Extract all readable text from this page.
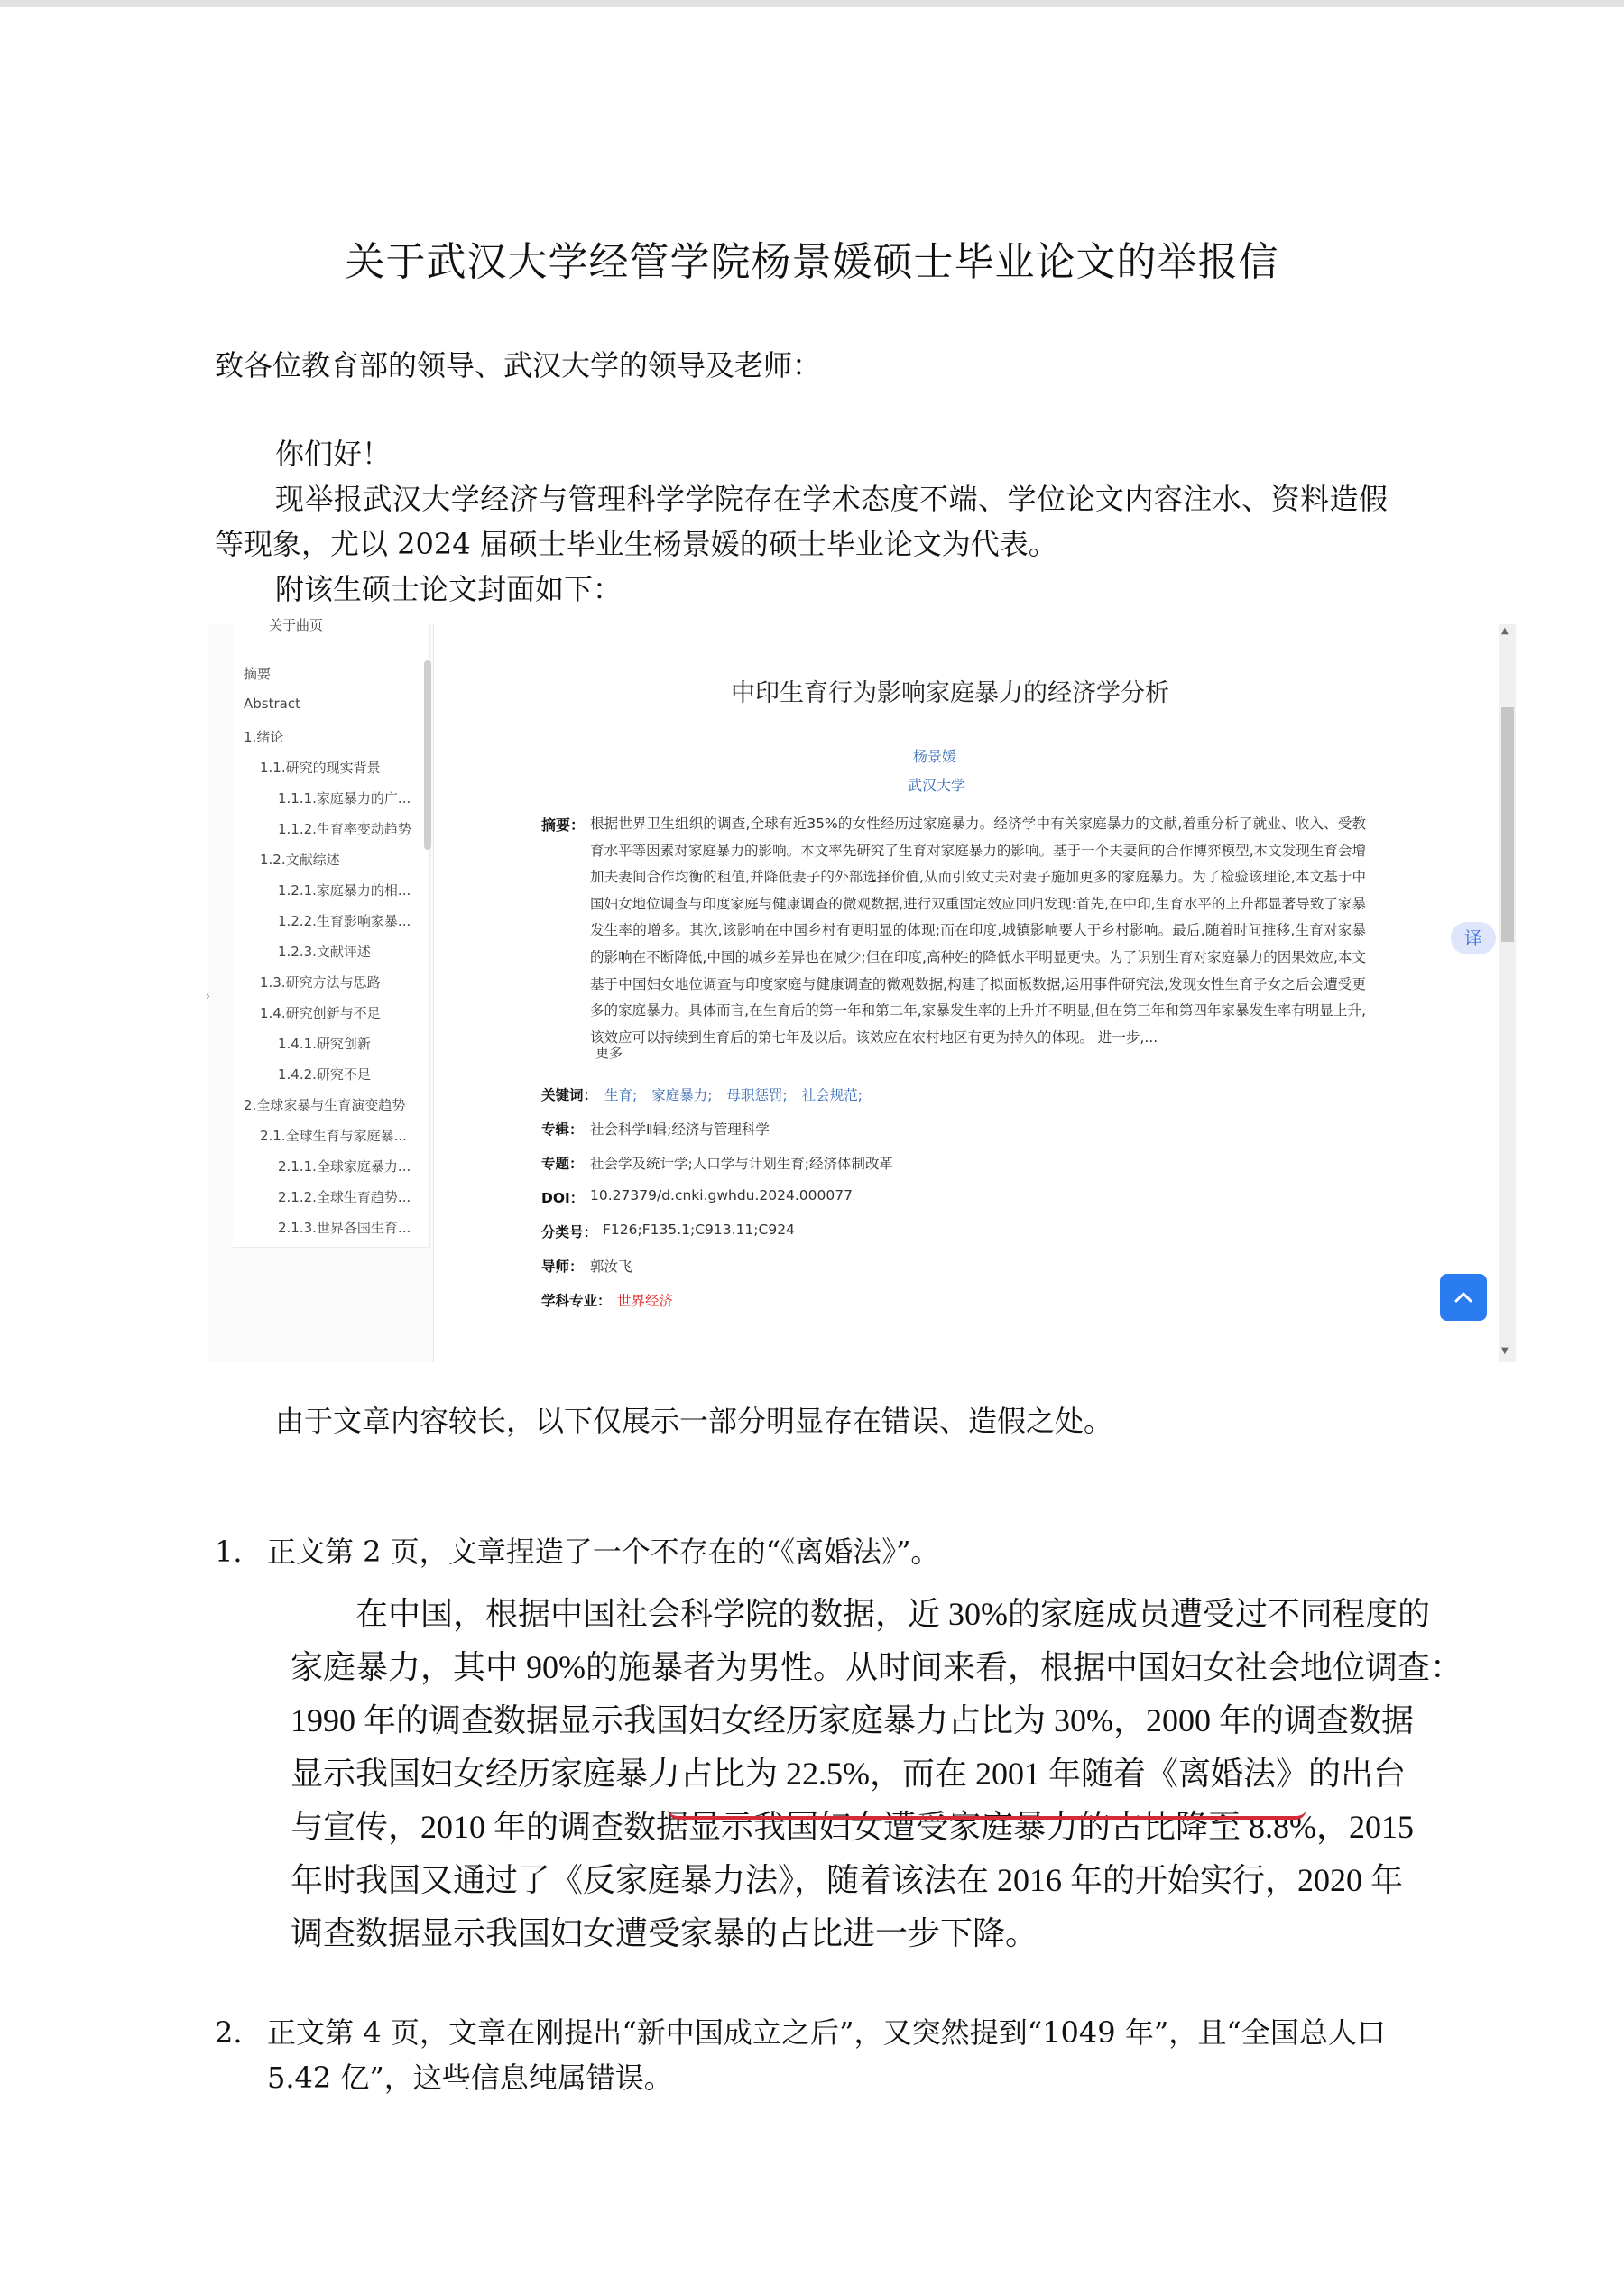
关于武汉大学经管学院杨景媛硕士毕业论文的举报信
致各位教育部的领导、武汉大学的领导及老师：
你们好！
现举报武汉大学经济与管理科学学院存在学术态度不端、学位论文内容注水、资料造假等现象，尤以 2024 届硕士毕业生杨景媛的硕士毕业论文为代表。
附该生硕士论文封面如下：
关于曲页
摘要
Abstract
1.绪论
1.1.研究的现实背景
1.1.1.家庭暴力的广...
1.1.2.生育率变动趋势
1.2.文献综述
1.2.1.家庭暴力的相...
1.2.2.生育影响家暴...
1.2.3.文献评述
1.3.研究方法与思路
1.4.研究创新与不足
1.4.1.研究创新
1.4.2.研究不足
2.全球家暴与生育演变趋势
2.1.全球生育与家庭暴...
2.1.1.全球家庭暴力...
2.1.2.全球生育趋势...
2.1.3.世界各国生育...
›
中印生育行为影响家庭暴力的经济学分析
杨景媛
武汉大学
摘要： 根据世界卫生组织的调查,全球有近35%的女性经历过家庭暴力。经济学中有关家庭暴力的文献,着重分析了就业、收入、受教育水平等因素对家庭暴力的影响。本文率先研究了生育对家庭暴力的影响。基于一个夫妻间的合作博弈模型,本文发现生育会增加夫妻间合作均衡的租值,并降低妻子的外部选择价值,从而引致丈夫对妻子施加更多的家庭暴力。为了检验该理论,本文基于中国妇女地位调查与印度家庭与健康调查的微观数据,进行双重固定效应回归发现:首先,在中印,生育水平的上升都显著导致了家暴发生率的增多。其次,该影响在中国乡村有更明显的体现;而在印度,城镇影响要大于乡村影响。最后,随着时间推移,生育对家暴的影响在不断降低,中国的城乡差异也在减少;但在印度,高种姓的降低水平明显更快。为了识别生育对家庭暴力的因果效应,本文基于中国妇女地位调查与印度家庭与健康调查的微观数据,构建了拟面板数据,运用事件研究法,发现女性生育子女之后会遭受更多的家庭暴力。具体而言,在生育后的第一年和第二年,家暴发生率的上升并不明显,但在第三年和第四年家暴发生率有明显上升,该效应可以持续到生育后的第七年及以后。该效应在农村地区有更为持久的体现。 进一步,...
更多
关键词： 生育; 家庭暴力; 母职惩罚; 社会规范;
专辑： 社会科学Ⅱ辑;经济与管理科学
专题： 社会学及统计学;人口学与计划生育;经济体制改革
DOI： 10.27379/d.cnki.gwhdu.2024.000077
分类号： F126;F135.1;C913.11;C924
导师： 郭汝飞
学科专业： 世界经济
译
▲
▼
由于文章内容较长，以下仅展示一部分明显存在错误、造假之处。
1. 正文第 2 页，文章捏造了一个不存在的“《离婚法》”。
　　在中国，根据中国社会科学院的数据，近 30%的家庭成员遭受过不同程度的
家庭暴力，其中 90%的施暴者为男性。从时间来看，根据中国妇女社会地位调查：
1990 年的调查数据显示我国妇女经历家庭暴力占比为 30%，2000 年的调查数据
显示我国妇女经历家庭暴力占比为 22.5%，而在 2001 年随着《离婚法》的出台
与宣传，2010 年的调查数据显示我国妇女遭受家庭暴力的占比降至 8.8%，2015
年时我国又通过了《反家庭暴力法》，随着该法在 2016 年的开始实行，2020 年
调查数据显示我国妇女遭受家暴的占比进一步下降。
2. 正文第 4 页，文章在刚提出“新中国成立之后”，又突然提到“1049 年”，且“全国总人口 5.42 亿”，这些信息纯属错误。
